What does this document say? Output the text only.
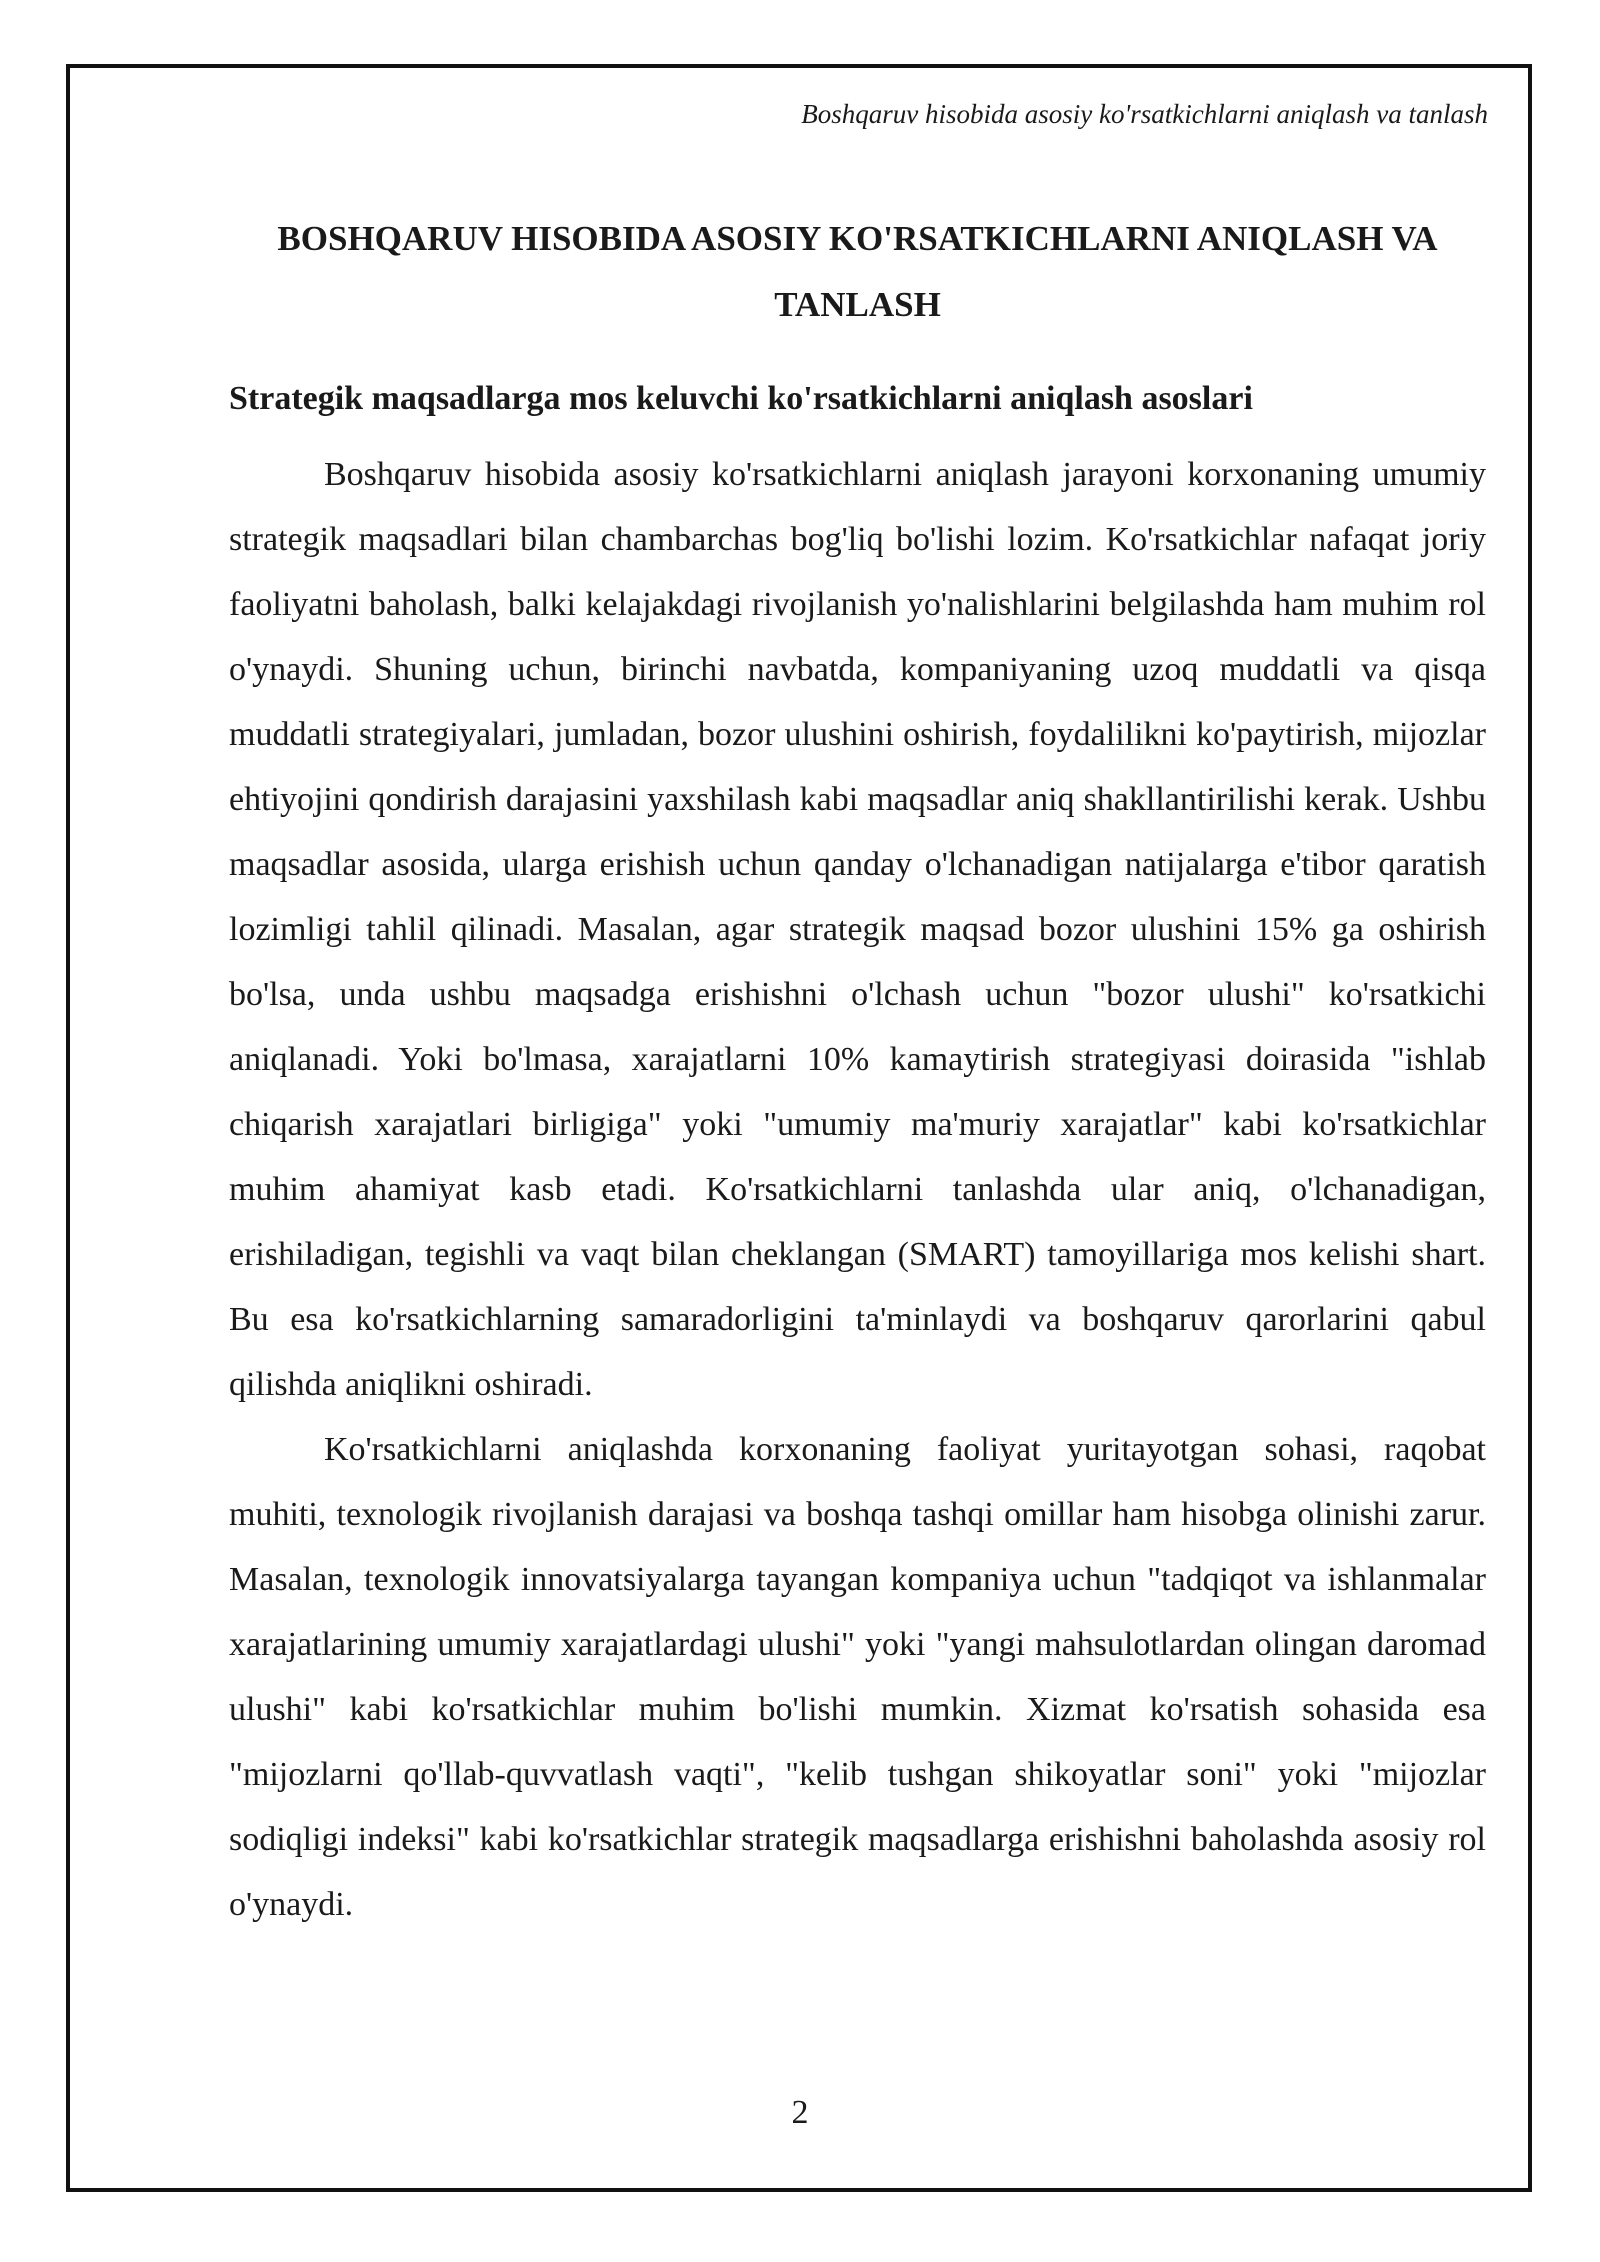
Boshqaruv hisobida asosiy ko'rsatkichlarni aniqlash va tanlash
BOSHQARUV HISOBIDA ASOSIY KO'RSATKICHLARNI ANIQLASH VA TANLASH
Strategik maqsadlarga mos keluvchi ko'rsatkichlarni aniqlash asoslari

Boshqaruv hisobida asosiy ko'rsatkichlarni aniqlash jarayoni korxonaning umumiy strategik maqsadlari bilan chambarchas bog'liq bo'lishi lozim. Ko'rsatkichlar nafaqat joriy faoliyatni baholash, balki kelajakdagi rivojlanish yo'nalishlarini belgilashda ham muhim rol o'ynaydi. Shuning uchun, birinchi navbatda, kompaniyaning uzoq muddatli va qisqa muddatli strategiyalari, jumladan, bozor ulushini oshirish, foydalilikni ko'paytirish, mijozlar ehtiyojini qondirish darajasini yaxshilash kabi maqsadlar aniq shakllantirilishi kerak. Ushbu maqsadlar asosida, ularga erishish uchun qanday o'lchanadigan natijalarga e'tibor qaratish lozimligi tahlil qilinadi. Masalan, agar strategik maqsad bozor ulushini 15% ga oshirish bo'lsa, unda ushbu maqsadga erishishni o'lchash uchun "bozor ulushi" ko'rsatkichi aniqlanadi. Yoki bo'lmasa, xarajatlarni 10% kamaytirish strategiyasi doirasida "ishlab chiqarish xarajatlari birligiga" yoki "umumiy ma'muriy xarajatlar" kabi ko'rsatkichlar muhim ahamiyat kasb etadi. Ko'rsatkichlarni tanlashda ular aniq, o'lchanadigan, erishiladigan, tegishli va vaqt bilan cheklangan (SMART) tamoyillariga mos kelishi shart. Bu esa ko'rsatkichlarning samaradorligini ta'minlaydi va boshqaruv qarorlarini qabul qilishda aniqlikni oshiradi.

Ko'rsatkichlarni aniqlashda korxonaning faoliyat yuritayotgan sohasi, raqobat muhiti, texnologik rivojlanish darajasi va boshqa tashqi omillar ham hisobga olinishi zarur. Masalan, texnologik innovatsiyalarga tayangan kompaniya uchun "tadqiqot va ishlanmalar xarajatlarining umumiy xarajatlardagi ulushi" yoki "yangi mahsulotlardan olingan daromad ulushi" kabi ko'rsatkichlar muhim bo'lishi mumkin. Xizmat ko'rsatish sohasida esa "mijozlarni qo'llab-quvvatlash vaqti", "kelib tushgan shikoyatlar soni" yoki "mijozlar sodiqligi indeksi" kabi ko'rsatkichlar strategik maqsadlarga erishishni baholashda asosiy rol o'ynaydi.

2
